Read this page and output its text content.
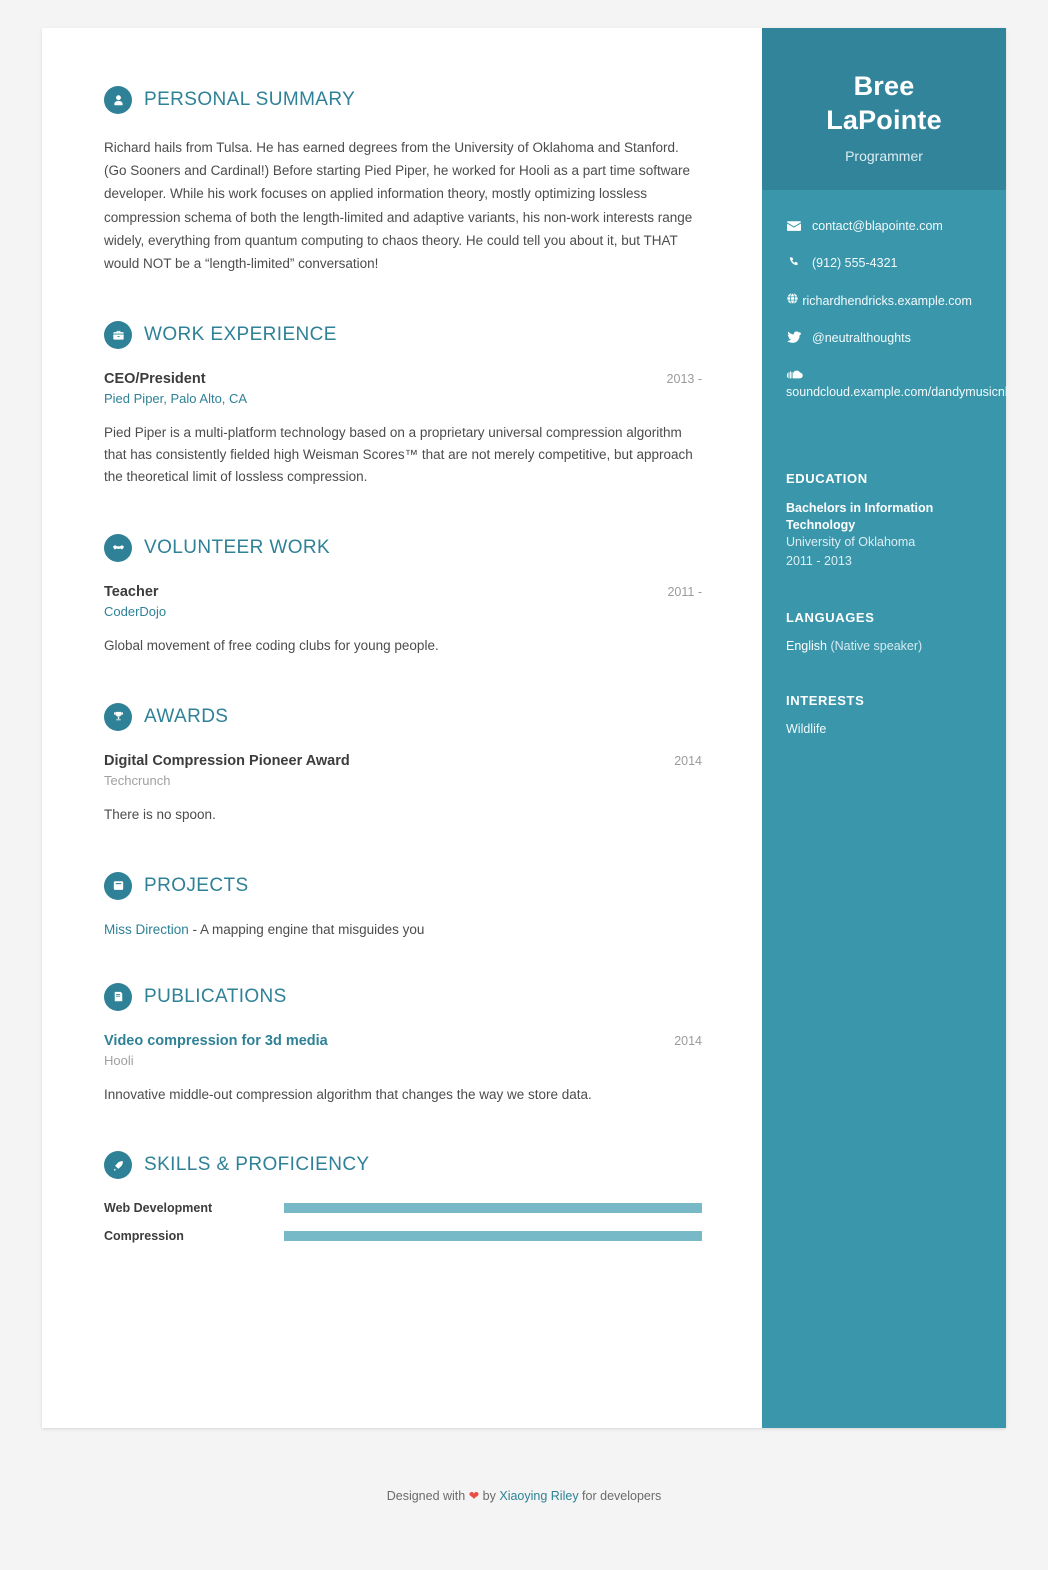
PERSONAL SUMMARY
Richard hails from Tulsa. He has earned degrees from the University of Oklahoma and Stanford. (Go Sooners and Cardinal!) Before starting Pied Piper, he worked for Hooli as a part time software developer. While his work focuses on applied information theory, mostly optimizing lossless compression schema of both the length-limited and adaptive variants, his non-work interests range widely, everything from quantum computing to chaos theory. He could tell you about it, but THAT would NOT be a “length-limited” conversation!
WORK EXPERIENCE
CEO/President	2013 -
Pied Piper, Palo Alto, CA
Pied Piper is a multi-platform technology based on a proprietary universal compression algorithm that has consistently fielded high Weisman Scores™ that are not merely competitive, but approach the theoretical limit of lossless compression.
VOLUNTEER WORK
Teacher	2011 -
CoderDojo
Global movement of free coding clubs for young people.
AWARDS
Digital Compression Pioneer Award	2014
Techcrunch
There is no spoon.
PROJECTS
Miss Direction - A mapping engine that misguides you
PUBLICATIONS
Video compression for 3d media	2014
Hooli
Innovative middle-out compression algorithm that changes the way we store data.
SKILLS & PROFICIENCY
Web Development
Compression
Bree
LaPointe
Programmer
contact@blapointe.com
(912) 555-4321
richardhendricks.example.com
@neutralthoughts
soundcloud.example.com/dandymusicnl
EDUCATION
Bachelors in Information Technology
University of Oklahoma
2011 - 2013
LANGUAGES
English (Native speaker)
INTERESTS
Wildlife
Designed with ❤ by Xiaoying Riley for developers
